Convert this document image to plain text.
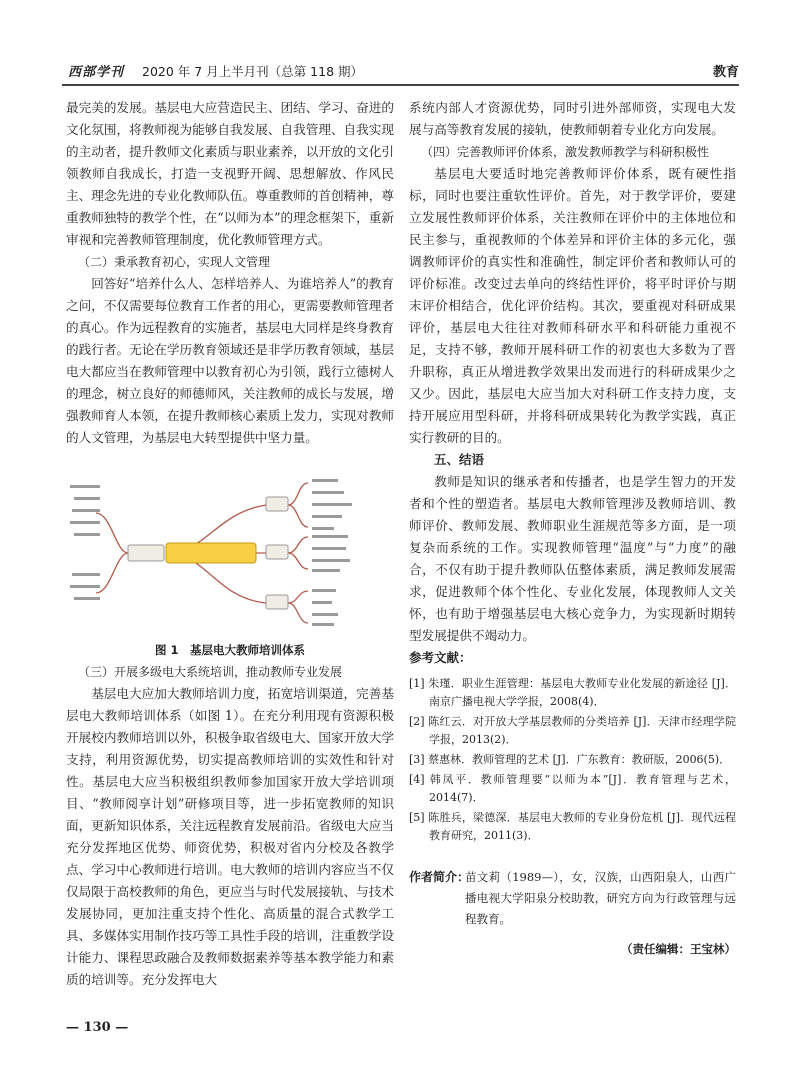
西部学刊 2020 年 7 月上半月刊（总第 118 期）	教育

最完美的发展。基层电大应营造民主、团结、学习、奋进的文化氛围，将教师视为能够自我发展、自我管理、自我实现的主动者，提升教师文化素质与职业素养，以开放的文化引领教师自我成长，打造一支视野开阔、思想解放、作风民主、理念先进的专业化教师队伍。尊重教师的首创精神，尊重教师独特的教学个性，在“以师为本”的理念框架下，重新审视和完善教师管理制度，优化教师管理方式。

（二）秉承教育初心，实现人文管理

回答好“培养什么人、怎样培养人、为谁培养人”的教育之问，不仅需要每位教育工作者的用心，更需要教师管理者的真心。作为远程教育的实施者，基层电大同样是终身教育的践行者。无论在学历教育领域还是非学历教育领域，基层电大都应当在教师管理中以教育初心为引领，践行立德树人的理念，树立良好的师德师风，关注教师的成长与发展，增强教师育人本领，在提升教师核心素质上发力，实现对教师的人文管理，为基层电大转型提供中坚力量。

图 1　基层电大教师培训体系

（三）开展多级电大系统培训，推动教师专业发展

基层电大应加大教师培训力度，拓宽培训渠道，完善基层电大教师培训体系（如图 1）。在充分利用现有资源积极开展校内教师培训以外，积极争取省级电大、国家开放大学支持，利用资源优势，切实提高教师培训的实效性和针对性。基层电大应当积极组织教师参加国家开放大学培训项目、“教师阅享计划”研修项目等，进一步拓宽教师的知识面，更新知识体系，关注远程教育发展前沿。省级电大应当充分发挥地区优势、师资优势，积极对省内分校及各教学点、学习中心教师进行培训。电大教师的培训内容应当不仅仅局限于高校教师的角色，更应当与时代发展接轨、与技术发展协同，更加注重支持个性化、高质量的混合式教学工具、多媒体实用制作技巧等工具性手段的培训，注重教学设计能力、课程思政融合及教师数据素养等基本教学能力和素质的培训等。充分发挥电大

系统内部人才资源优势，同时引进外部师资，实现电大发展与高等教育发展的接轨，使教师朝着专业化方向发展。

（四）完善教师评价体系，激发教师教学与科研积极性

基层电大要适时地完善教师评价体系，既有硬性指标，同时也要注重软性评价。首先，对于教学评价，要建立发展性教师评价体系，关注教师在评价中的主体地位和民主参与，重视教师的个体差异和评价主体的多元化，强调教师评价的真实性和准确性，制定评价者和教师认可的评价标准。改变过去单向的终结性评价，将平时评价与期末评价相结合，优化评价结构。其次，要重视对科研成果评价，基层电大往往对教师科研水平和科研能力重视不足，支持不够，教师开展科研工作的初衷也大多数为了晋升职称，真正从增进教学效果出发而进行的科研成果少之又少。因此，基层电大应当加大对科研工作支持力度，支持开展应用型科研，并将科研成果转化为教学实践，真正实行教研的目的。

五、结语

教师是知识的继承者和传播者，也是学生智力的开发者和个性的塑造者。基层电大教师管理涉及教师培训、教师评价、教师发展、教师职业生涯规范等多方面，是一项复杂而系统的工作。实现教师管理“温度”与“力度”的融合，不仅有助于提升教师队伍整体素质，满足教师发展需求，促进教师个体个性化、专业化发展，体现教师人文关怀，也有助于增强基层电大核心竞争力，为实现新时期转型发展提供不竭动力。

参考文献：

[1] 朱瑾．职业生涯管理：基层电大教师专业化发展的新途径 [J]．南京广播电视大学学报，2008(4)．
[2] 陈红云．对开放大学基层教师的分类培养 [J]．天津市经理学院学报，2013(2)．
[3] 蔡惠林．教师管理的艺术 [J]．广东教育：教研版，2006(5)．
[4] 韩凤平．教师管理要“以师为本”[J]．教育管理与艺术，2014(7)．
[5] 陈胜兵，梁德深．基层电大教师的专业身份危机 [J]．现代远程教育研究，2011(3)．
作者简介：
苗文莉（1989—），女，汉族，山西阳泉人，山西广播电视大学阳泉分校助教，研究方向为行政管理与远程教育。
（责任编辑：王宝林）
— 130 —
